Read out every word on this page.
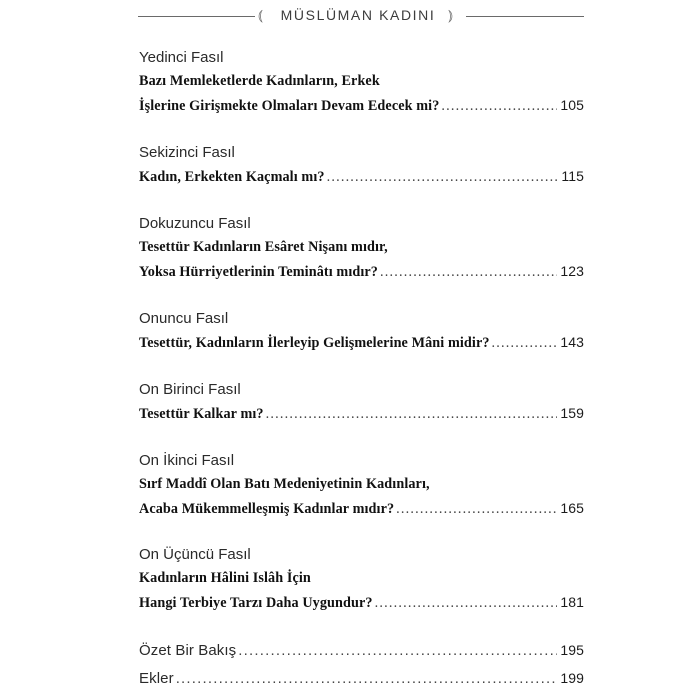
⦅	MÜSLÜMAN KADINI ⦆
Yedinci Fasıl
Bazı Memleketlerde Kadınların, Erkek
İşlerine Girişmekte Olmaları Devam Edecek mi? .....	105
Sekizinci Fasıl
Kadın, Erkekten Kaçmalı mı? .....	115
Dokuzuncu Fasıl
Tesettür Kadınların Esâret Nişanı mıdır,
Yoksa Hürriyetlerinin Teminâtı mıdır? .....	123
Onuncu Fasıl
Tesettür, Kadınların İlerleyip Gelişmelerine Mâni midir? .....	143
On Birinci Fasıl
Tesettür Kalkar mı? .....	159
On İkinci Fasıl
Sırf Maddî Olan Batı Medeniyetinin Kadınları,
Acaba Mükemmelleşmiş Kadınlar mıdır? .....	165
On Üçüncü Fasıl
Kadınların Hâlini Islâh İçin
Hangi Terbiye Tarzı Daha Uygundur? .....	181
Özet Bir Bakış .....	195
Ekler .....	199
